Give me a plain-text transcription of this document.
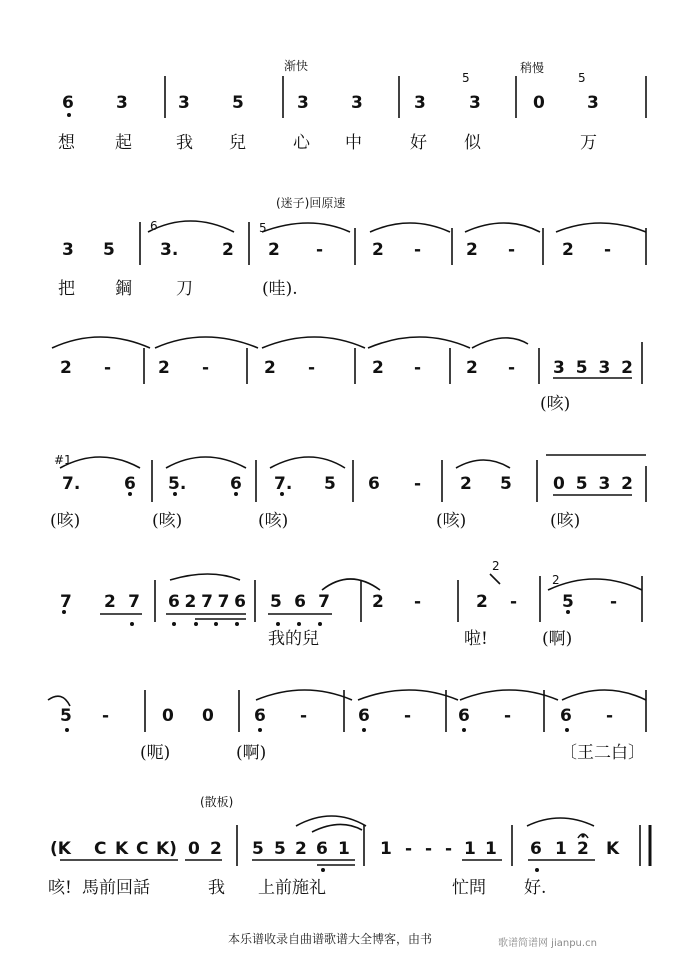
渐快	稍慢
(迷子)回原速
(散板)
5	5
6	5
#1
2
2
6 3	3 5	3 3	3	3	0 3
想 起	我 兒	心 中	好 似	万
3 5	3.	2 2 -	2 -	2 -	2 -
把 鋼	刀	(哇).
2 -	2 -	2 -	2 -	2 - 3532
(咳)
7.	6 5.	6 7. 5 6 - 2 5 0532
(咳)	(咳)	(咳)	(咳)	(咳)
7 27 62776 567 2 -	2 -	5 -
我的兒	啦!	(啊)
5 -	0 0 6 -	6 -	6 -	6 -
(呃)	(啊)	〔王二白〕
(K C K C K) 0 2 5 5 2 6 1 1 - - - 1 1 6 1 2 K
咳! 馬前回話	我 上前施礼	忙問 好.
本乐谱收录自曲谱歌谱大全博客，由书	歌谱简谱网 jianpu.cn
